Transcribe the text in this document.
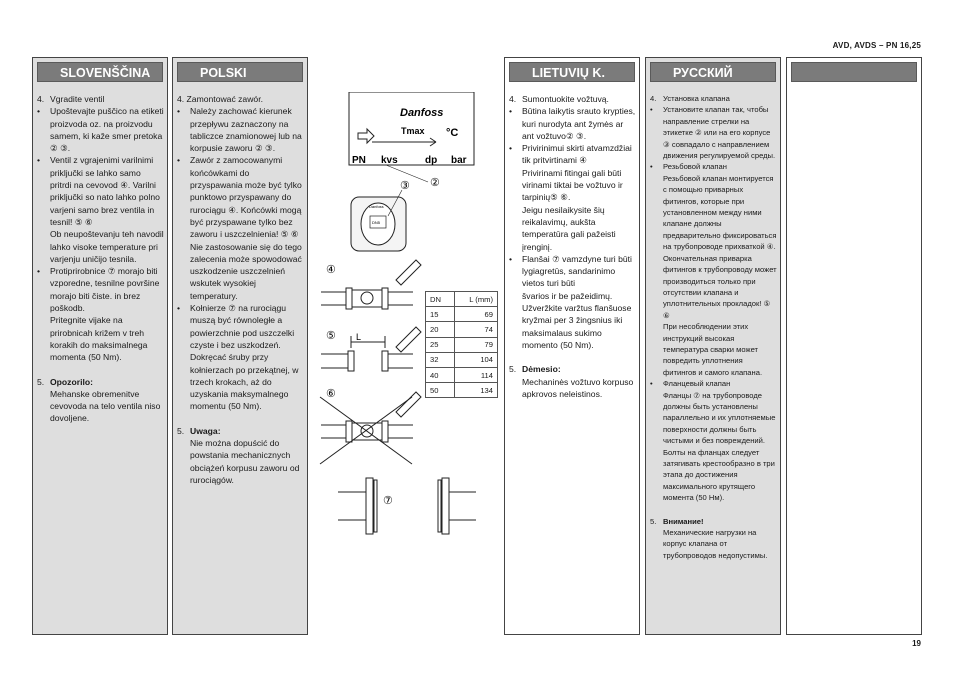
AVD, AVDS – PN 16,25
SLOVENŠČINA
4. Vgradite ventil
•	Upoštevajte puščico na etiketi proizvoda oz. na proizvodu samem, ki kaže smer pretoka ② ③.
•	Ventil z vgrajenimi varilnimi priključki se lahko samo pritrdi na cevovod ④. Varilni priključki so nato lahko polno varjeni samo brez ventila in tesnil! ⑤ ⑥
Ob neupoštevanju teh navodil lahko visoke temperature pri varjenju uničijo tesnila.
•	Protiprirobnice ⑦ morajo biti vzporedne, tesnilne površine morajo biti čiste. in brez poškodb.
Pritegnite vijake na prirobnicah križem v treh korakih do maksimalnega momenta (50 Nm).
5. Opozorilo:
Mehanske obremenitve cevovoda na telo ventila niso dovoljene.
POLSKI
4. Zamontować zawór.
•	Należy zachować kierunek przepływu zaznaczony na tabliczce znamionowej lub na korpusie zaworu ② ③.
•	Zawór z zamocowanymi końcówkami do przyspawania może być tylko punktowo przyspawany do rurociągu ④. Końcówki mogą być przyspawane tylko bez zaworu i uszczelnienia! ⑤ ⑥
Nie zastosowanie się do tego zalecenia może spowodować uszkodzenie uszczelnień wskutek wysokiej temperatury.
•	Kołnierze ⑦ na rurociągu muszą być równoległe a powierzchnie pod uszczelki czyste i bez uszkodzeń.
Dokręcać śruby przy kołnierzach po przekątnej, w trzech krokach, aż do uzyskania maksymalnego momentu (50 Nm).
5. Uwaga:
Nie można dopuścić do powstania mechanicznych obciążeń korpusu zaworu od rurociągów.
Danfoss
Tmax °C
PN kvs	dp bar
②
Danfoss
DN5
③
④
⑤ L
⑥
⑦
DN	L (mm)
15	69
20	74
25	79
32	104
40	114
50	134
LIETUVIŲ K.
4. Sumontuokite vožtuvą.
•	Būtina laikytis srauto krypties, kuri nurodyta ant žymės ar ant vožtuvo② ③.
•	Privirinimui skirti atvamzdžiai tik pritvirtinami ④
Privirinami fitingai gali būti virinami tiktai be vožtuvo ir tarpinių⑤ ⑥.
Jeigu nesilaikysite šių reikalavimų, aukšta temperatūra gali pažeisti įrenginį.
•	Flanšai ⑦ vamzdyne turi būti lygiagretūs, sandarinimo vietos turi būti
švarios ir be pažeidimų.
Užveržkite varžtus flanšuose kryžmai per 3 žingsnius iki maksimalaus sukimo momento (50 Nm).
5. Dėmesio:
Mechaninės vožtuvo korpuso apkrovos neleistinos.
РУССКИЙ
4. Установка клапана
•	Установите клапан так, чтобы направление стрелки на этикетке ② или на его корпусе ③ совпадало с направлением движения регулируемой среды.
•	Резьбовой клапан
Резьбовой клапан монтируется с помощью приварных фитингов, которые при установленном между ними клапане должны предварительно фиксироваться на трубопроводе прихваткой ④.
Окончательная приварка фитингов к трубопроводу может производиться только при отсутствии клапана и уплотнительных прокладок! ⑤ ⑥
При несоблюдении этих инструкций высокая температура сварки может повредить уплотнения фитингов и самого клапана.
•	Фланцевый клапан
Фланцы ⑦ на трубопроводе должны быть установлены параллельно и их уплотняемые поверхности должны быть чистыми и без повреждений.
Болты на фланцах следует затягивать крестообразно в три этапа до достижения максимального крутящего момента (50 Нм).
5. Внимание!
Механические нагрузки на корпус клапана от трубопроводов недопустимы.
19
